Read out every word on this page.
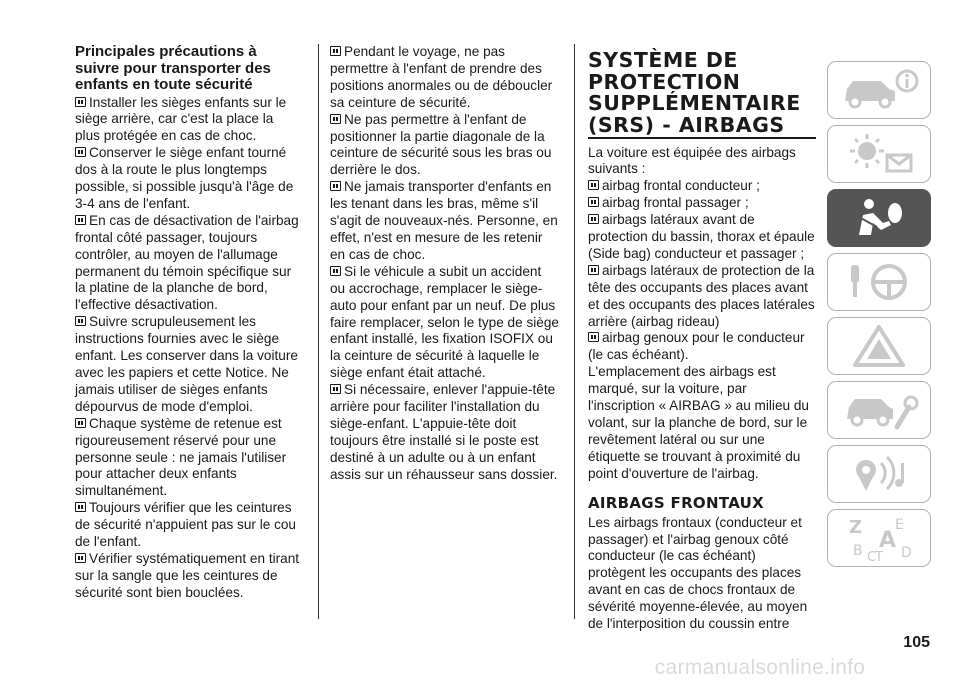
Principales précautions à suivre pour transporter des enfants en toute sécurité

Installer les sièges enfants sur le siège arrière, car c'est la place la plus protégée en cas de choc.

Conserver le siège enfant tourné dos à la route le plus longtemps possible, si possible jusqu'à l'âge de 3-4 ans de l'enfant.

En cas de désactivation de l'airbag frontal côté passager, toujours contrôler, au moyen de l'allumage permanent du témoin spécifique sur la platine de la planche de bord, l'effective désactivation.

Suivre scrupuleusement les instructions fournies avec le siège enfant. Les conserver dans la voiture avec les papiers et cette Notice. Ne jamais utiliser de sièges enfants dépourvus de mode d'emploi.

Chaque système de retenue est rigoureusement réservé pour une personne seule : ne jamais l'utiliser pour attacher deux enfants simultanément.

Toujours vérifier que les ceintures de sécurité n'appuient pas sur le cou de l'enfant.

Vérifier systématiquement en tirant sur la sangle que les ceintures de sécurité sont bien bouclées.

Pendant le voyage, ne pas permettre à l'enfant de prendre des positions anormales ou de déboucler sa ceinture de sécurité.

Ne pas permettre à l'enfant de positionner la partie diagonale de la ceinture de sécurité sous les bras ou derrière le dos.

Ne jamais transporter d'enfants en les tenant dans les bras, même s'il s'agit de nouveaux-nés. Personne, en effet, n'est en mesure de les retenir en cas de choc.

Si le véhicule a subit un accident ou accrochage, remplacer le siège-auto pour enfant par un neuf. De plus faire remplacer, selon le type de siège enfant installé, les fixation ISOFIX ou la ceinture de sécurité à laquelle le siège enfant était attaché.

Si nécessaire, enlever l'appuie-tête arrière pour faciliter l'installation du siège-enfant. L'appuie-tête doit toujours être installé si le poste est destiné à un adulte ou à un enfant assis sur un réhausseur sans dossier.

SYSTÈME DE PROTECTION SUPPLÉMENTAIRE (SRS) - AIRBAGS

La voiture est équipée des airbags suivants :

airbag frontal conducteur ;

airbag frontal passager ;

airbags latéraux avant de protection du bassin, thorax et épaule (Side bag) conducteur et passager ;

airbags latéraux de protection de la tête des occupants des places avant et des occupants des places latérales arrière (airbag rideau)

airbag genoux pour le conducteur (le cas échéant).

L'emplacement des airbags est marqué, sur la voiture, par l'inscription « AIRBAG » au milieu du volant, sur la planche de bord, sur le revêtement latéral ou sur une étiquette se trouvant à proximité du point d'ouverture de l'airbag.

AIRBAGS FRONTAUX

Les airbags frontaux (conducteur et passager) et l'airbag genoux côté conducteur (le cas échéant) protègent les occupants des places avant en cas de chocs frontaux de sévérité moyenne-élevée, au moyen de l'interposition du coussin entre

Z E
B A
C
T D
105
carmanualsonline.info
